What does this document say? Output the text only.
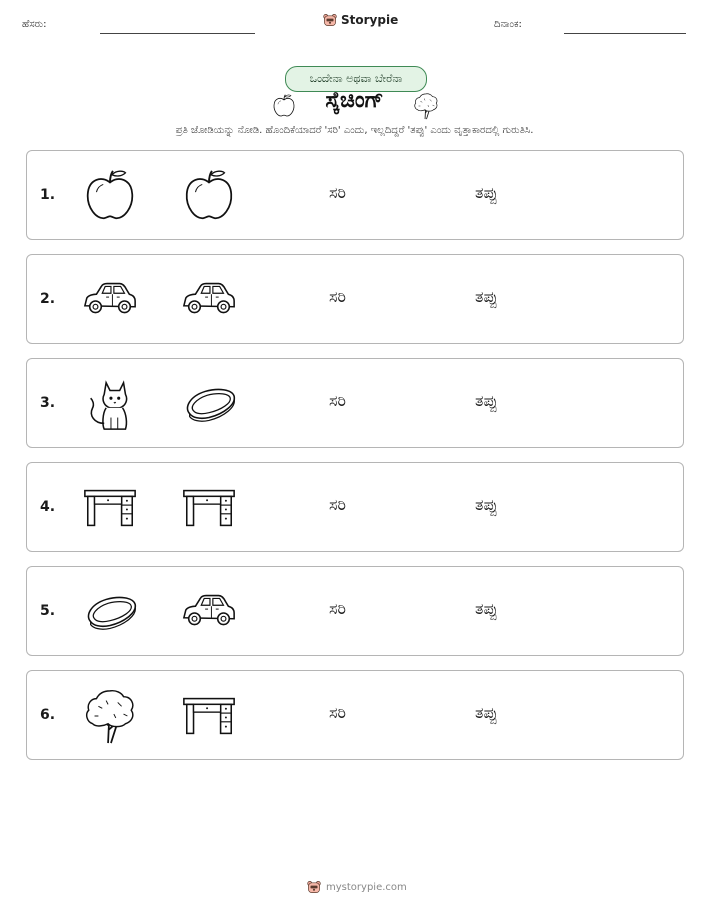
ಹೆಸರು:	Storypie	ದಿನಾಂಕ:
ಒಂದೇನಾ ಅಥವಾ ಬೇರೆನಾ
ಸ್ಕೆಚಿಂಗ್
ಪ್ರತಿ ಜೋಡಿಯನ್ನು ನೋಡಿ. ಹೊಂದಿಕೆಯಾದರೆ 'ಸರಿ' ಎಂದು, ಇಲ್ಲದಿದ್ದರೆ 'ತಪ್ಪು' ಎಂದು ವೃತ್ತಾಕಾರದಲ್ಲಿ ಗುರುತಿಸಿ.
1.	ಸರಿ	ತಪ್ಪು
2.	ಸರಿ	ತಪ್ಪು
3.	ಸರಿ	ತಪ್ಪು
4.	ಸರಿ	ತಪ್ಪು
5.	ಸರಿ	ತಪ್ಪು
6.	ಸರಿ	ತಪ್ಪು
mystorypie.com
